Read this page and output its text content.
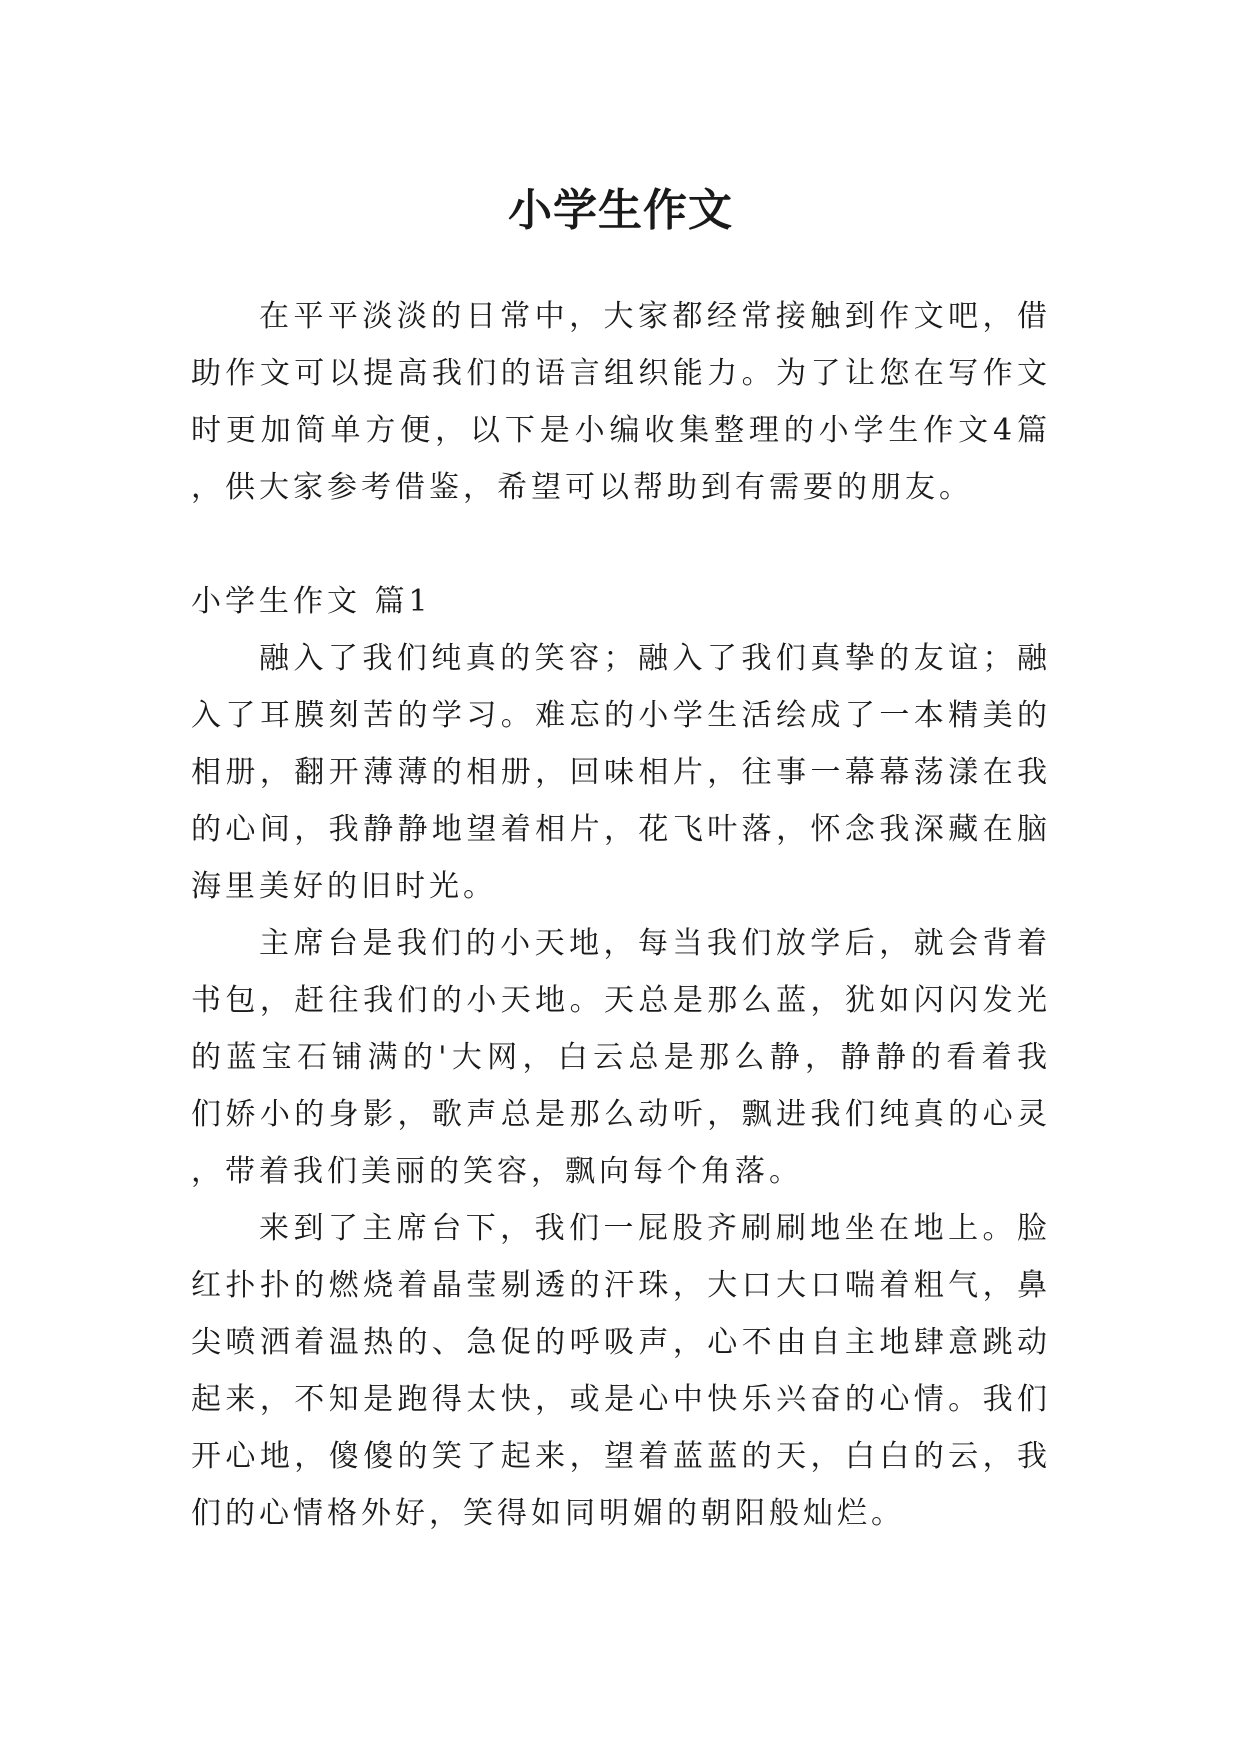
小学生作文

在平平淡淡的日常中，大家都经常接触到作文吧，借助作文可以提高我们的语言组织能力。为了让您在写作文时更加简单方便，以下是小编收集整理的小学生作文4篇，供大家参考借鉴，希望可以帮助到有需要的朋友。

小学生作文 篇1

融入了我们纯真的笑容；融入了我们真挚的友谊；融入了耳膜刻苦的学习。难忘的小学生活绘成了一本精美的相册，翻开薄薄的相册，回味相片，往事一幕幕荡漾在我的心间，我静静地望着相片，花飞叶落，怀念我深藏在脑海里美好的旧时光。

主席台是我们的小天地，每当我们放学后，就会背着书包，赶往我们的小天地。天总是那么蓝，犹如闪闪发光的蓝宝石铺满的'大网，白云总是那么静，静静的看着我们娇小的身影，歌声总是那么动听，飘进我们纯真的心灵，带着我们美丽的笑容，飘向每个角落。

来到了主席台下，我们一屁股齐刷刷地坐在地上。脸红扑扑的燃烧着晶莹剔透的汗珠，大口大口喘着粗气，鼻尖喷洒着温热的、急促的呼吸声，心不由自主地肆意跳动起来，不知是跑得太快，或是心中快乐兴奋的心情。我们开心地，傻傻的笑了起来，望着蓝蓝的天，白白的云，我们的心情格外好，笑得如同明媚的朝阳般灿烂。
